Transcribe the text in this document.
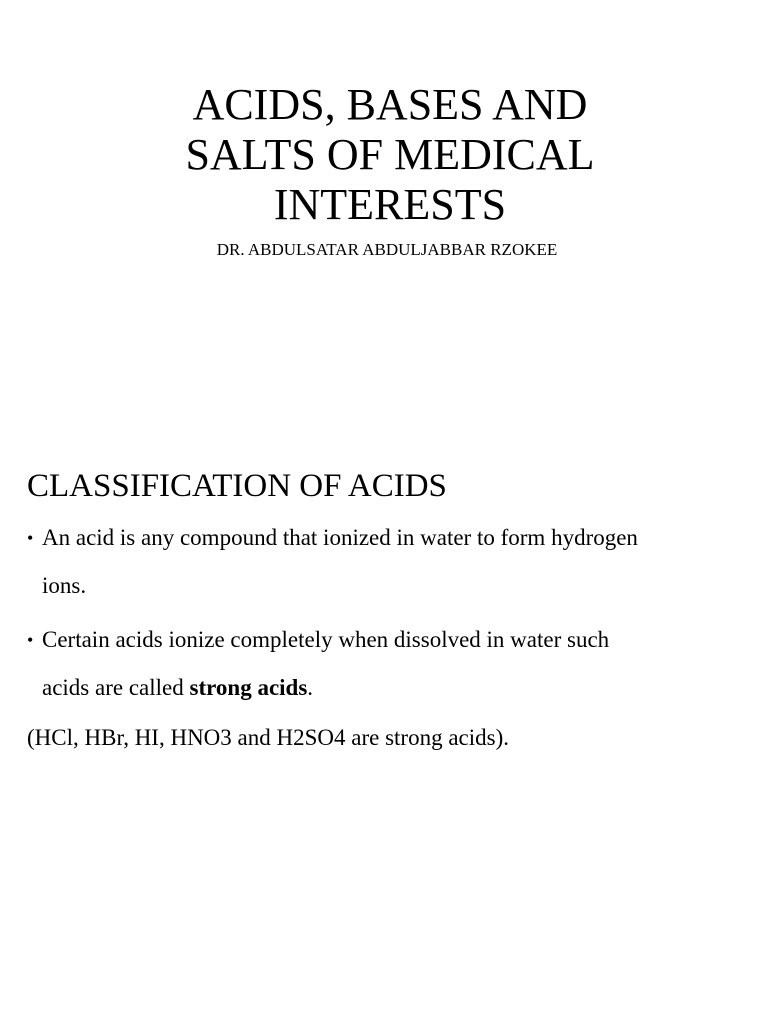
ACIDS, BASES AND
SALTS OF MEDICAL
INTERESTS
DR. ABDULSATAR ABDULJABBAR RZOKEE
CLASSIFICATION OF ACIDS
• An acid is any compound that ionized in water to form hydrogen
ions.
• Certain acids ionize completely when dissolved in water such
acids are called strong acids.
(HCl, HBr, HI, HNO3 and H2SO4 are strong acids).
